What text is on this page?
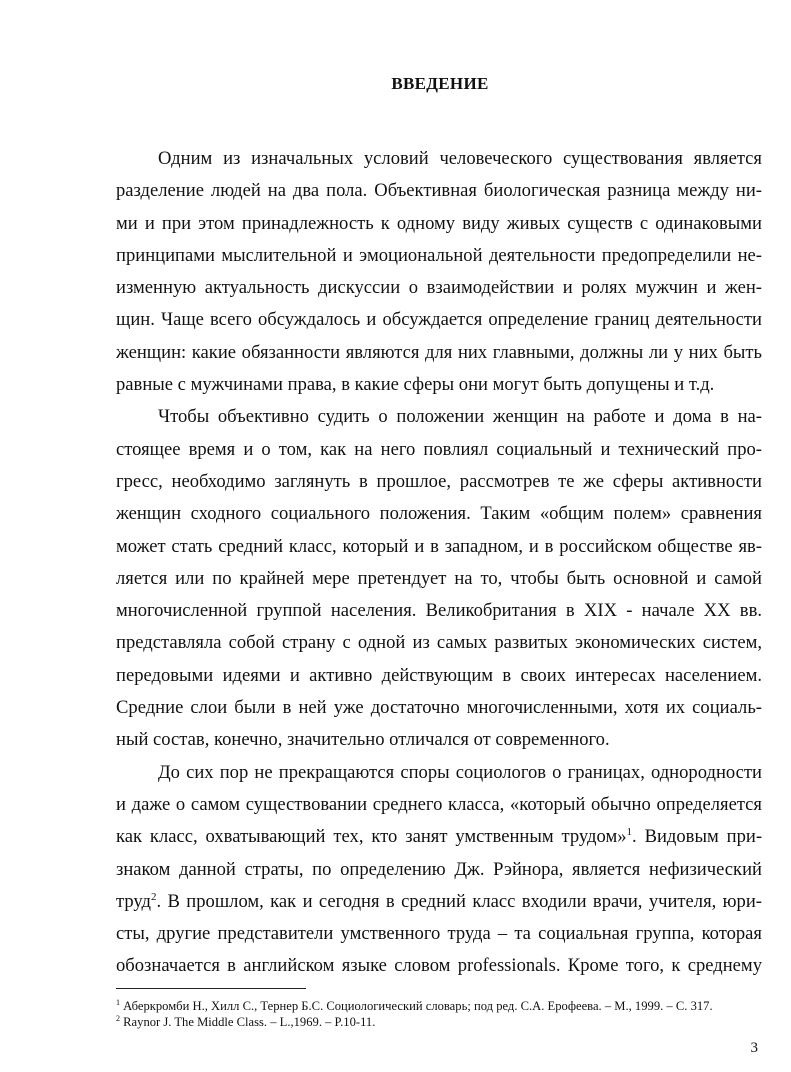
ВВЕДЕНИЕ
Одним из изначальных условий человеческого существования является
разделение людей на два пола. Объективная биологическая разница между ни-
ми и при этом принадлежность к одному виду живых существ с одинаковыми
принципами мыслительной и эмоциональной деятельности предопределили не-
изменную актуальность дискуссии о взаимодействии и ролях мужчин и жен-
щин. Чаще всего обсуждалось и обсуждается определение границ деятельности
женщин: какие обязанности являются для них главными, должны ли у них быть
равные с мужчинами права, в какие сферы они могут быть допущены и т.д.
Чтобы объективно судить о положении женщин на работе и дома в на-
стоящее время и о том, как на него повлиял социальный и технический про-
гресс, необходимо заглянуть в прошлое, рассмотрев те же сферы активности
женщин сходного социального положения. Таким «общим полем» сравнения
может стать средний класс, который и в западном, и в российском обществе яв-
ляется или по крайней мере претендует на то, чтобы быть основной и самой
многочисленной группой населения. Великобритания в XIX - начале XX вв.
представляла собой страну с одной из самых развитых экономических систем,
передовыми идеями и активно действующим в своих интересах населением.
Средние слои были в ней уже достаточно многочисленными, хотя их социаль-
ный состав, конечно, значительно отличался от современного.
До сих пор не прекращаются споры социологов о границах, однородности
и даже о самом существовании среднего класса, «который обычно определяется
как класс, охватывающий тех, кто занят умственным трудом»$^1$. Видовым при-
знаком данной страты, по определению Дж. Рэйнора, является нефизический
труд$^2$. В прошлом, как и сегодня в средний класс входили врачи, учителя, юри-
сты, другие представители умственного труда – та социальная группа, которая
обозначается в английском языке словом professionals. Кроме того, к среднему
$^1$ Аберкромби Н., Хилл С., Тернер Б.С. Социологический словарь; под ред. С.А. Ерофеева. – М., 1999. – С. 317.
$^2$ Raynor J. The Middle Class. – L.,1969. – P.10-11.
3
